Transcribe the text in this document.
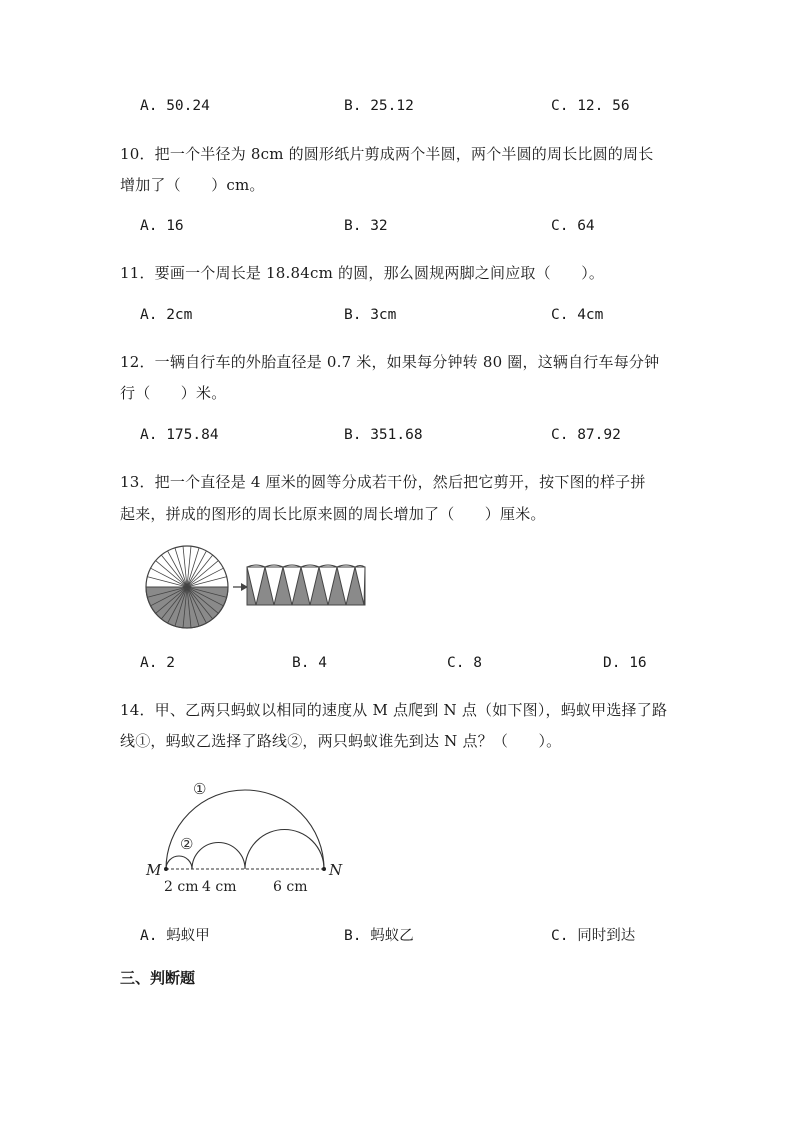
A. 50.24	B. 25.12	C. 12. 56
10．把一个半径为 8cm 的圆形纸片剪成两个半圆，两个半圆的周长比圆的周长
增加了（　　）cm。
A. 16	B. 32	C. 64
11．要画一个周长是 18.84cm 的圆，那么圆规两脚之间应取（　　）。
A. 2cm	B. 3cm	C. 4cm
12．一辆自行车的外胎直径是 0.7 米，如果每分钟转 80 圈，这辆自行车每分钟
行（　　）米。
A. 175.84	B. 351.68	C. 87.92
13．把一个直径是 4 厘米的圆等分成若干份，然后把它剪开，按下图的样子拼
起来，拼成的图形的周长比原来圆的周长增加了（　　）厘米。
A. 2	B. 4	C. 8	D. 16
14．甲、乙两只蚂蚁以相同的速度从 M 点爬到 N 点（如下图），蚂蚁甲选择了路
线①，蚂蚁乙选择了路线②，两只蚂蚁谁先到达 N 点？（　　）。
①
②
M	N
2 cm 4 cm	6 cm
A. 蚂蚁甲	B. 蚂蚁乙	C. 同时到达
三、判断题
